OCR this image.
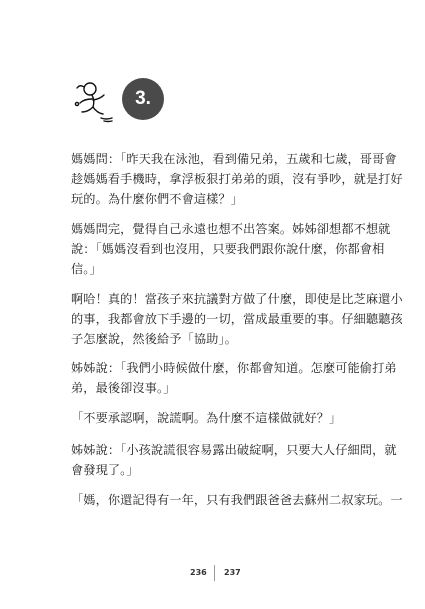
3.

媽媽問：「昨天我在泳池，看到備兄弟，五歲和七歲，哥哥會
趁媽媽看手機時，拿浮板狠打弟弟的頭，沒有爭吵，就是打好
玩的。為什麼你們不會這樣？」

媽媽問完，覺得自己永遠也想不出答案。姊姊卻想都不想就
說：「媽媽沒看到也沒用，只要我們跟你說什麼，你都會相
信。」

啊哈！真的！當孩子來抗議對方做了什麼，即使是比芝麻還小
的事，我都會放下手邊的一切，當成最重要的事。仔細聽聽孩
子怎麼說，然後給予「協助」。

姊姊說：「我們小時候做什麼，你都會知道。怎麼可能偷打弟
弟，最後卻沒事。」

「不要承認啊，說謊啊。為什麼不這樣做就好？」

姊姊說：「小孩說謊很容易露出破綻啊，只要大人仔細問，就
會發現了。」

「媽，你還記得有一年，只有我們跟爸爸去蘇州二叔家玩。一

236 237
